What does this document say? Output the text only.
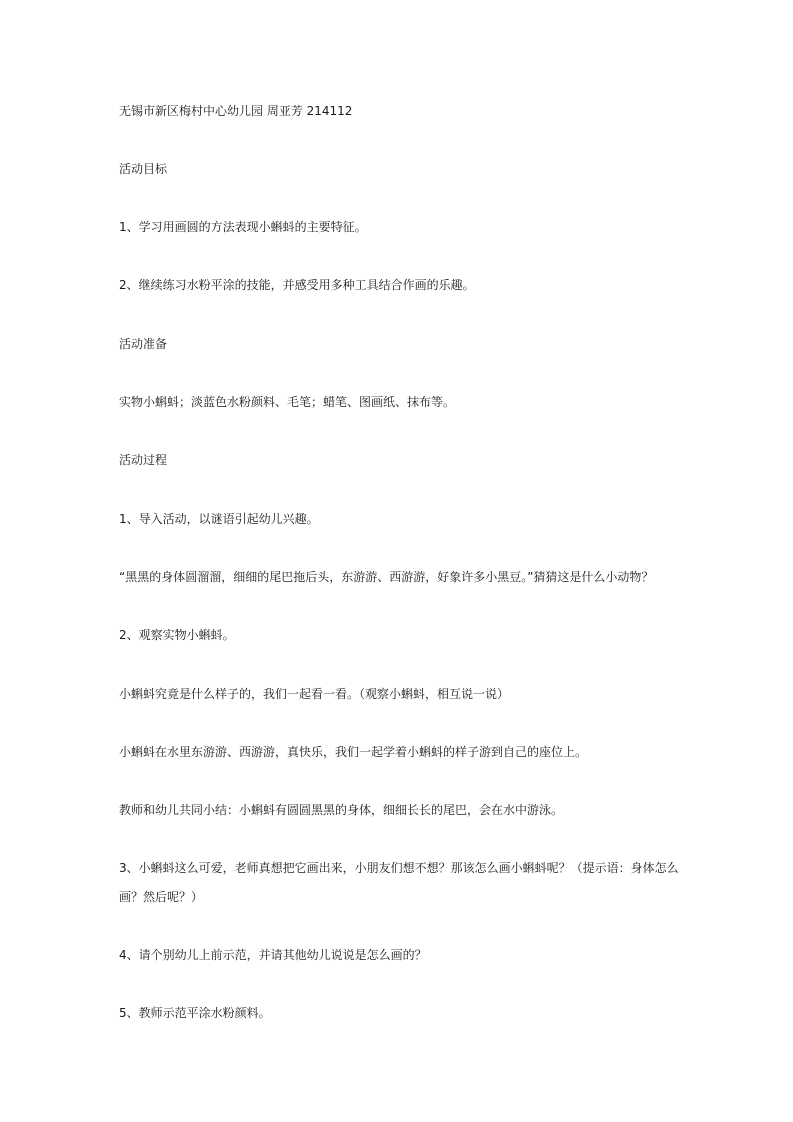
无锡市新区梅村中心幼儿园 周亚芳 214112
活动目标
1、学习用画圆的方法表现小蝌蚪的主要特征。
2、继续练习水粉平涂的技能，并感受用多种工具结合作画的乐趣。
活动准备
实物小蝌蚪；淡蓝色水粉颜料、毛笔；蜡笔、图画纸、抹布等。
活动过程
1、导入活动，以谜语引起幼儿兴趣。
“黑黑的身体圆溜溜，细细的尾巴拖后头，东游游、西游游，好象许多小黑豆。”猜猜这是什么小动物？
2、观察实物小蝌蚪。
小蝌蚪究竟是什么样子的，我们一起看一看。（观察小蝌蚪，相互说一说）
小蝌蚪在水里东游游、西游游，真快乐，我们一起学着小蝌蚪的样子游到自己的座位上。
教师和幼儿共同小结：小蝌蚪有圆圆黑黑的身体，细细长长的尾巴，会在水中游泳。
3、小蝌蚪这么可爱，老师真想把它画出来，小朋友们想不想？那该怎么画小蝌蚪呢？（提示语：身体怎么画？然后呢？）
4、请个别幼儿上前示范，并请其他幼儿说说是怎么画的？
5、教师示范平涂水粉颜料。
